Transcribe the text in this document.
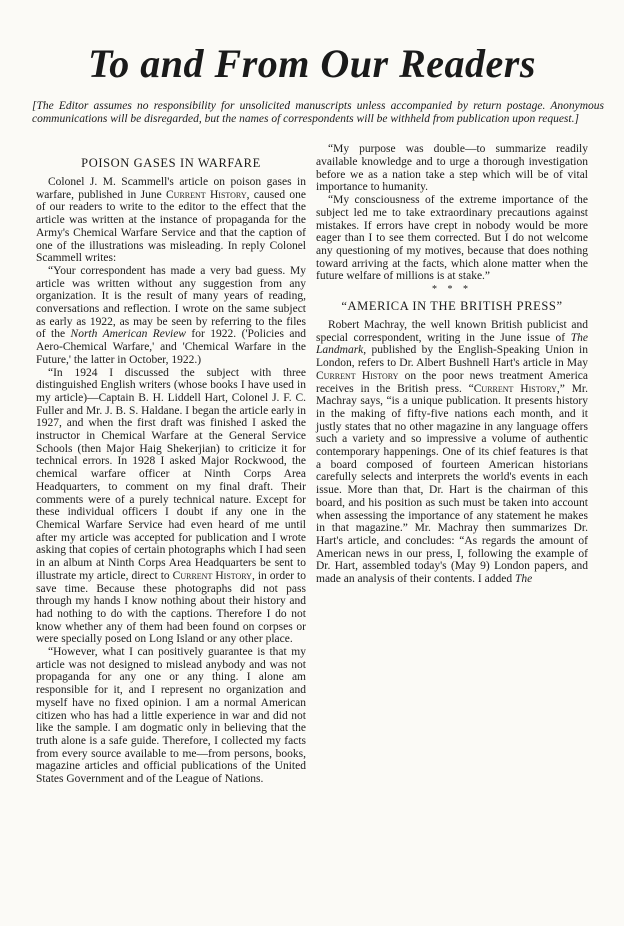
To and From Our Readers
[The Editor assumes no responsibility for unsolicited manuscripts unless accompanied by return postage. Anonymous communications will be disregarded, but the names of correspondents will be withheld from publication upon request.]
POISON GASES IN WARFARE

Colonel J. M. Scammell's article on poison gases in warfare, published in June Current History, caused one of our readers to write to the editor to the effect that the article was written at the instance of propaganda for the Army's Chemical Warfare Service and that the caption of one of the illustrations was misleading. In reply Colonel Scammell writes:

“Your correspondent has made a very bad guess. My article was written without any suggestion from any organization. It is the result of many years of reading, conversations and reflection. I wrote on the same subject as early as 1922, as may be seen by referring to the files of the North American Review for 1922. ('Policies and Aero-Chemical Warfare,' and 'Chemical Warfare in the Future,' the latter in October, 1922.)

“In 1924 I discussed the subject with three distinguished English writers (whose books I have used in my article)—Captain B. H. Liddell Hart, Colonel J. F. C. Fuller and Mr. J. B. S. Haldane. I began the article early in 1927, and when the first draft was finished I asked the instructor in Chemical Warfare at the General Service Schools (then Major Haig Shekerjian) to criticize it for technical errors. In 1928 I asked Major Rockwood, the chemical warfare officer at Ninth Corps Area Headquarters, to comment on my final draft. Their comments were of a purely technical nature. Except for these individual officers I doubt if any one in the Chemical Warfare Service had even heard of me until after my article was accepted for publication and I wrote asking that copies of certain photographs which I had seen in an album at Ninth Corps Area Headquarters be sent to illustrate my article, direct to Current History, in order to save time. Because these photographs did not pass through my hands I know nothing about their history and had nothing to do with the captions. Therefore I do not know whether any of them had been found on corpses or were specially posed on Long Island or any other place.

“However, what I can positively guarantee is that my article was not designed to mislead anybody and was not propaganda for any one or any thing. I alone am responsible for it, and I represent no organization and myself have no fixed opinion. I am a normal American citizen who has had a little experience in war and did not like the sample. I am dogmatic only in believing that the truth alone is a safe guide. Therefore, I collected my facts from every source available to me—from persons, books, magazine articles and official publications of the United States Government and of the League of Nations.

“My purpose was double—to summarize readily available knowledge and to urge a thorough investigation before we as a nation take a step which will be of vital importance to humanity.

“My consciousness of the extreme importance of the subject led me to take extraordinary precautions against mistakes. If errors have crept in nobody would be more eager than I to see them corrected. But I do not welcome any questioning of my motives, because that does nothing toward arriving at the facts, which alone matter when the future welfare of millions is at stake.”

* * *
“AMERICA IN THE BRITISH PRESS”

Robert Machray, the well known British publicist and special correspondent, writing in the June issue of The Landmark, published by the English-Speaking Union in London, refers to Dr. Albert Bushnell Hart's article in May Current History on the poor news treatment America receives in the British press. “Current History,” Mr. Machray says, “is a unique publication. It presents history in the making of fifty-five nations each month, and it justly states that no other magazine in any language offers such a variety and so impressive a volume of authentic contemporary happenings. One of its chief features is that a board composed of fourteen American historians carefully selects and interprets the world's events in each issue. More than that, Dr. Hart is the chairman of this board, and his position as such must be taken into account when assessing the importance of any statement he makes in that magazine.” Mr. Machray then summarizes Dr. Hart's article, and concludes: “As regards the amount of American news in our press, I, following the example of Dr. Hart, assembled today's (May 9) London papers, and made an analysis of their contents. I added The
